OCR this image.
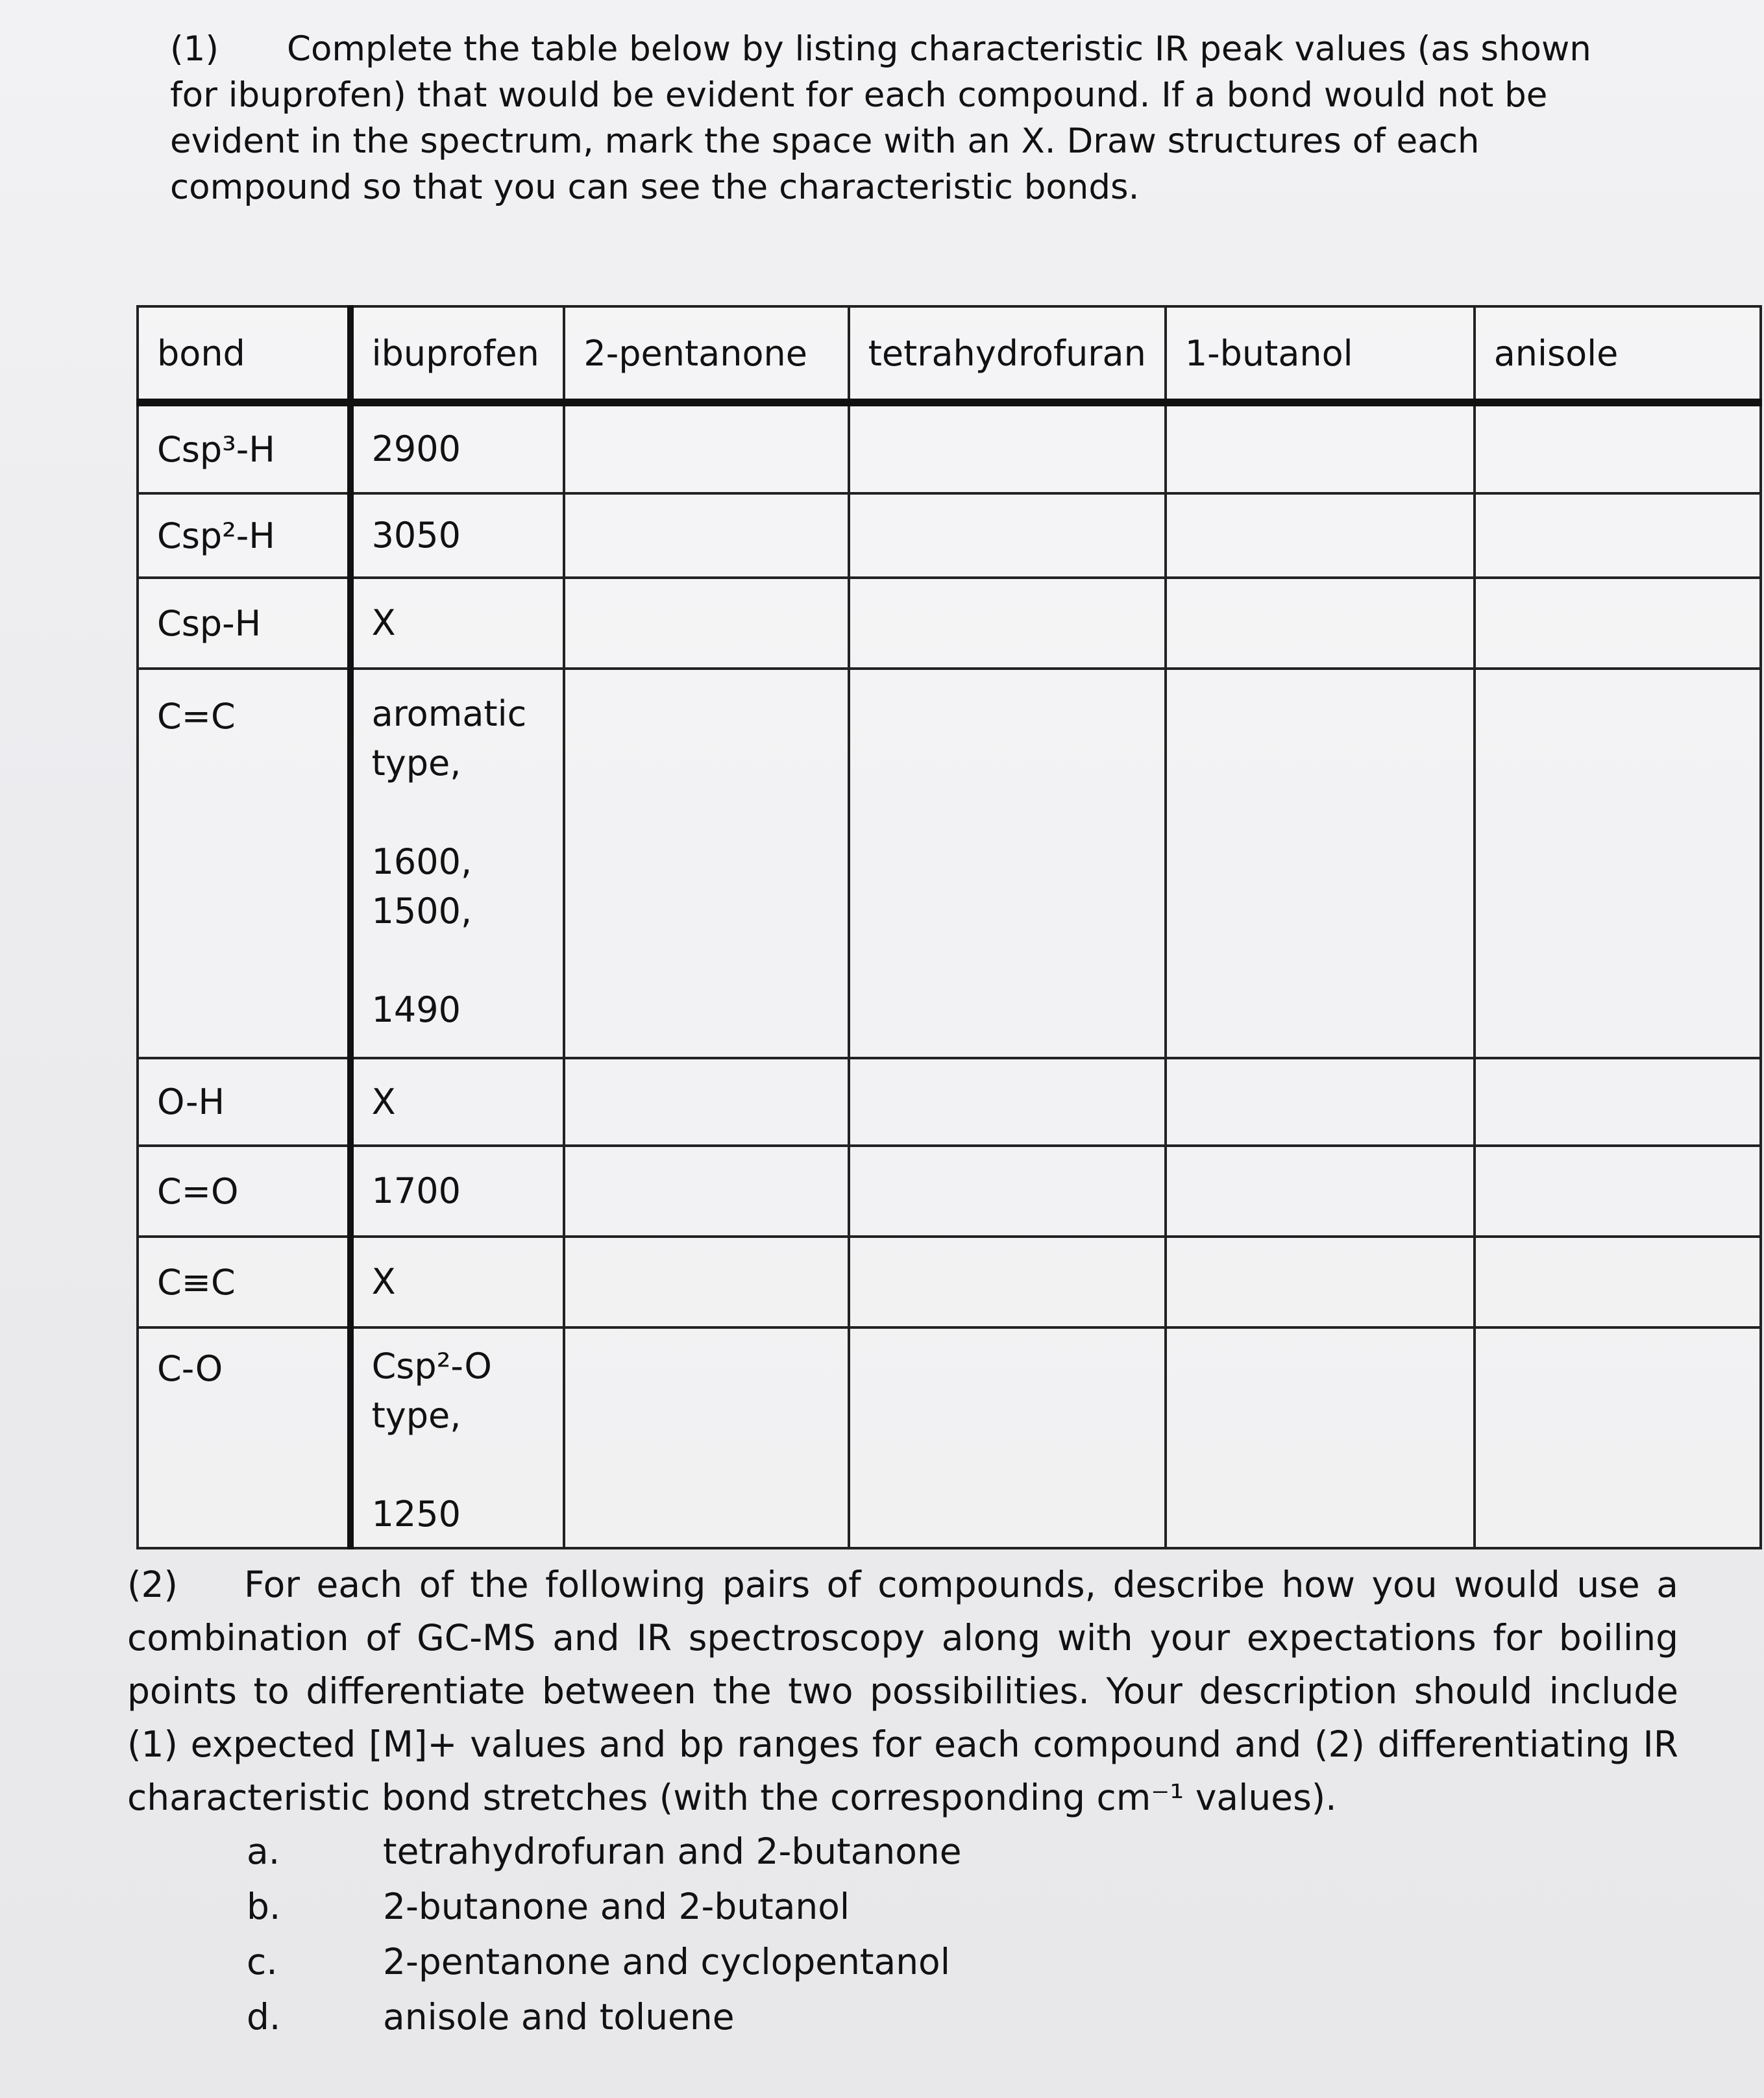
(1) Complete the table below by listing characteristic IR peak values (as shown for ibuprofen) that would be evident for each compound. If a bond would not be evident in the spectrum, mark the space with an X. Draw structures of each compound so that you can see the characteristic bonds.
bond	ibuprofen	2-pentanone	tetrahydrofuran	1-butanol	anisole
Csp³-H	2900				

Csp²-H	3050				

Csp-H	X				

C=C	aromatic
type,
1600,
1500,
1490				

O-H	X				

C=O	1700				

C≡C	X				

C-O	Csp²-O
type,
1250				

(2) For each of the following pairs of compounds, describe how you would use a combination of GC-MS and IR spectroscopy along with your expectations for boiling points to differentiate between the two possibilities. Your description should include (1) expected [M]+ values and bp ranges for each compound and (2) differentiating IR characteristic bond stretches (with the corresponding cm⁻¹ values).
a.	tetrahydrofuran and 2-butanone
b.	2-butanone and 2-butanol
c.	2-pentanone and cyclopentanol
d.	anisole and toluene
